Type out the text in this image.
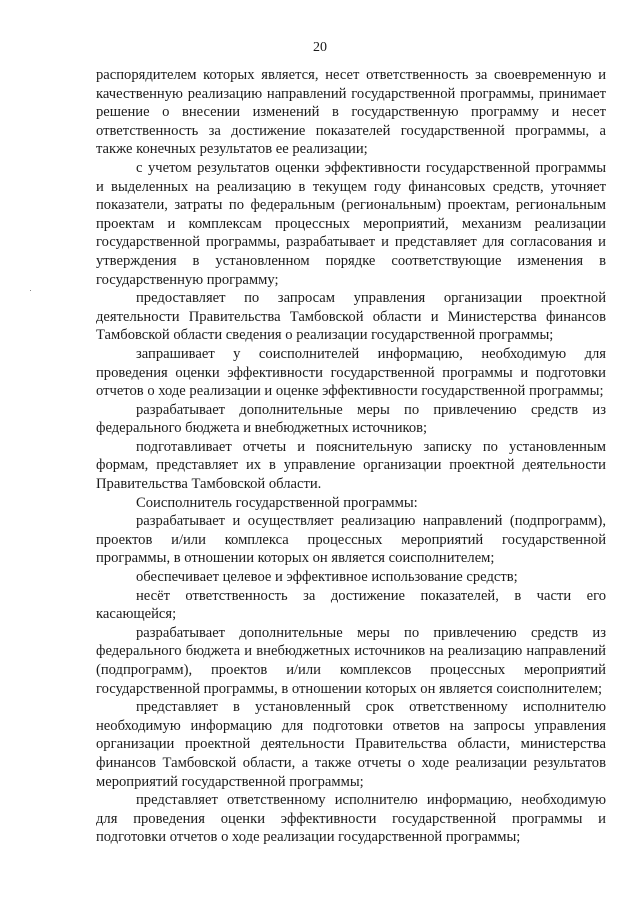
20

распорядителем которых является, несет ответственность за своевременную и качественную реализацию направлений государственной программы, принимает решение о внесении изменений в государственную программу и несет ответственность за достижение показателей государственной программы, а также конечных результатов ее реализации;

с учетом результатов оценки эффективности государственной программы и выделенных на реализацию в текущем году финансовых средств, уточняет показатели, затраты по федеральным (региональным) проектам, региональным проектам и комплексам процессных мероприятий, механизм реализации государственной программы, разрабатывает и представляет для согласования и утверждения в установленном порядке соответствующие изменения в государственную программу;

предоставляет по запросам управления организации проектной деятельности Правительства Тамбовской области и Министерства финансов Тамбовской области сведения о реализации государственной программы;

запрашивает у соисполнителей информацию, необходимую для проведения оценки эффективности государственной программы и подготовки отчетов о ходе реализации и оценке эффективности государственной программы;

разрабатывает дополнительные меры по привлечению средств из федерального бюджета и внебюджетных источников;

подготавливает отчеты и пояснительную записку по установленным формам, представляет их в управление организации проектной деятельности Правительства Тамбовской области.

Соисполнитель государственной программы:

разрабатывает и осуществляет реализацию направлений (подпрограмм), проектов и/или комплекса процессных мероприятий государственной программы, в отношении которых он является соисполнителем;

обеспечивает целевое и эффективное использование средств;

несёт ответственность за достижение показателей, в части его касающейся;

разрабатывает дополнительные меры по привлечению средств из федерального бюджета и внебюджетных источников на реализацию направлений (подпрограмм), проектов и/или комплексов процессных мероприятий государственной программы, в отношении которых он является соисполнителем;

представляет в установленный срок ответственному исполнителю необходимую информацию для подготовки ответов на запросы управления организации проектной деятельности Правительства области, министерства финансов Тамбовской области, а также отчеты о ходе реализации результатов мероприятий государственной программы;

представляет ответственному исполнителю информацию, необходимую для проведения оценки эффективности государственной программы и подготовки отчетов о ходе реализации государственной программы;
